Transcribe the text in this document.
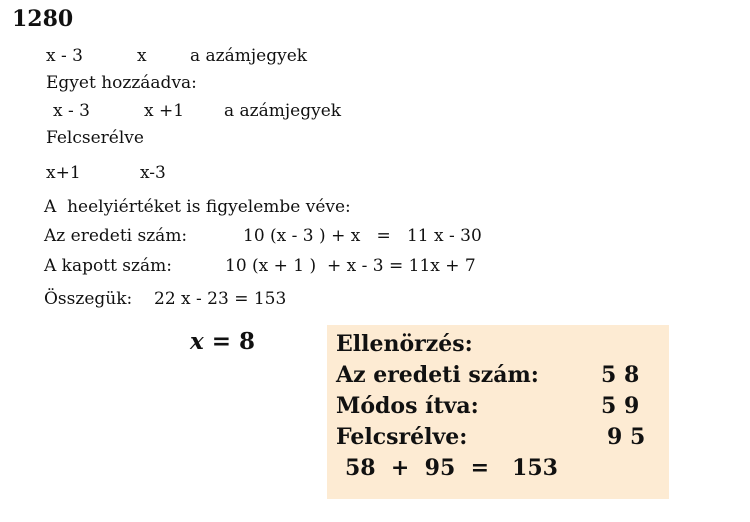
1280
x - 3	x	a azámjegyek
Egyet hozzáadva:
x - 3	x +1 a azámjegyek
Felcserélve
x+1	x-3
A  heelyiértéket is figyelembe véve:
Az eredeti szám:	10 (x - 3 ) + x   =   11 x - 30
A kapott szám:	10 (x + 1 )  + x - 3 = 11x + 7
Összegük: 22 x - 23 = 153
x = 8	Ellenörzés:
Az eredeti szám:	5 8
Módos ítva:	5 9
Felcsrélve:	9 5
58  +  95  =   153
